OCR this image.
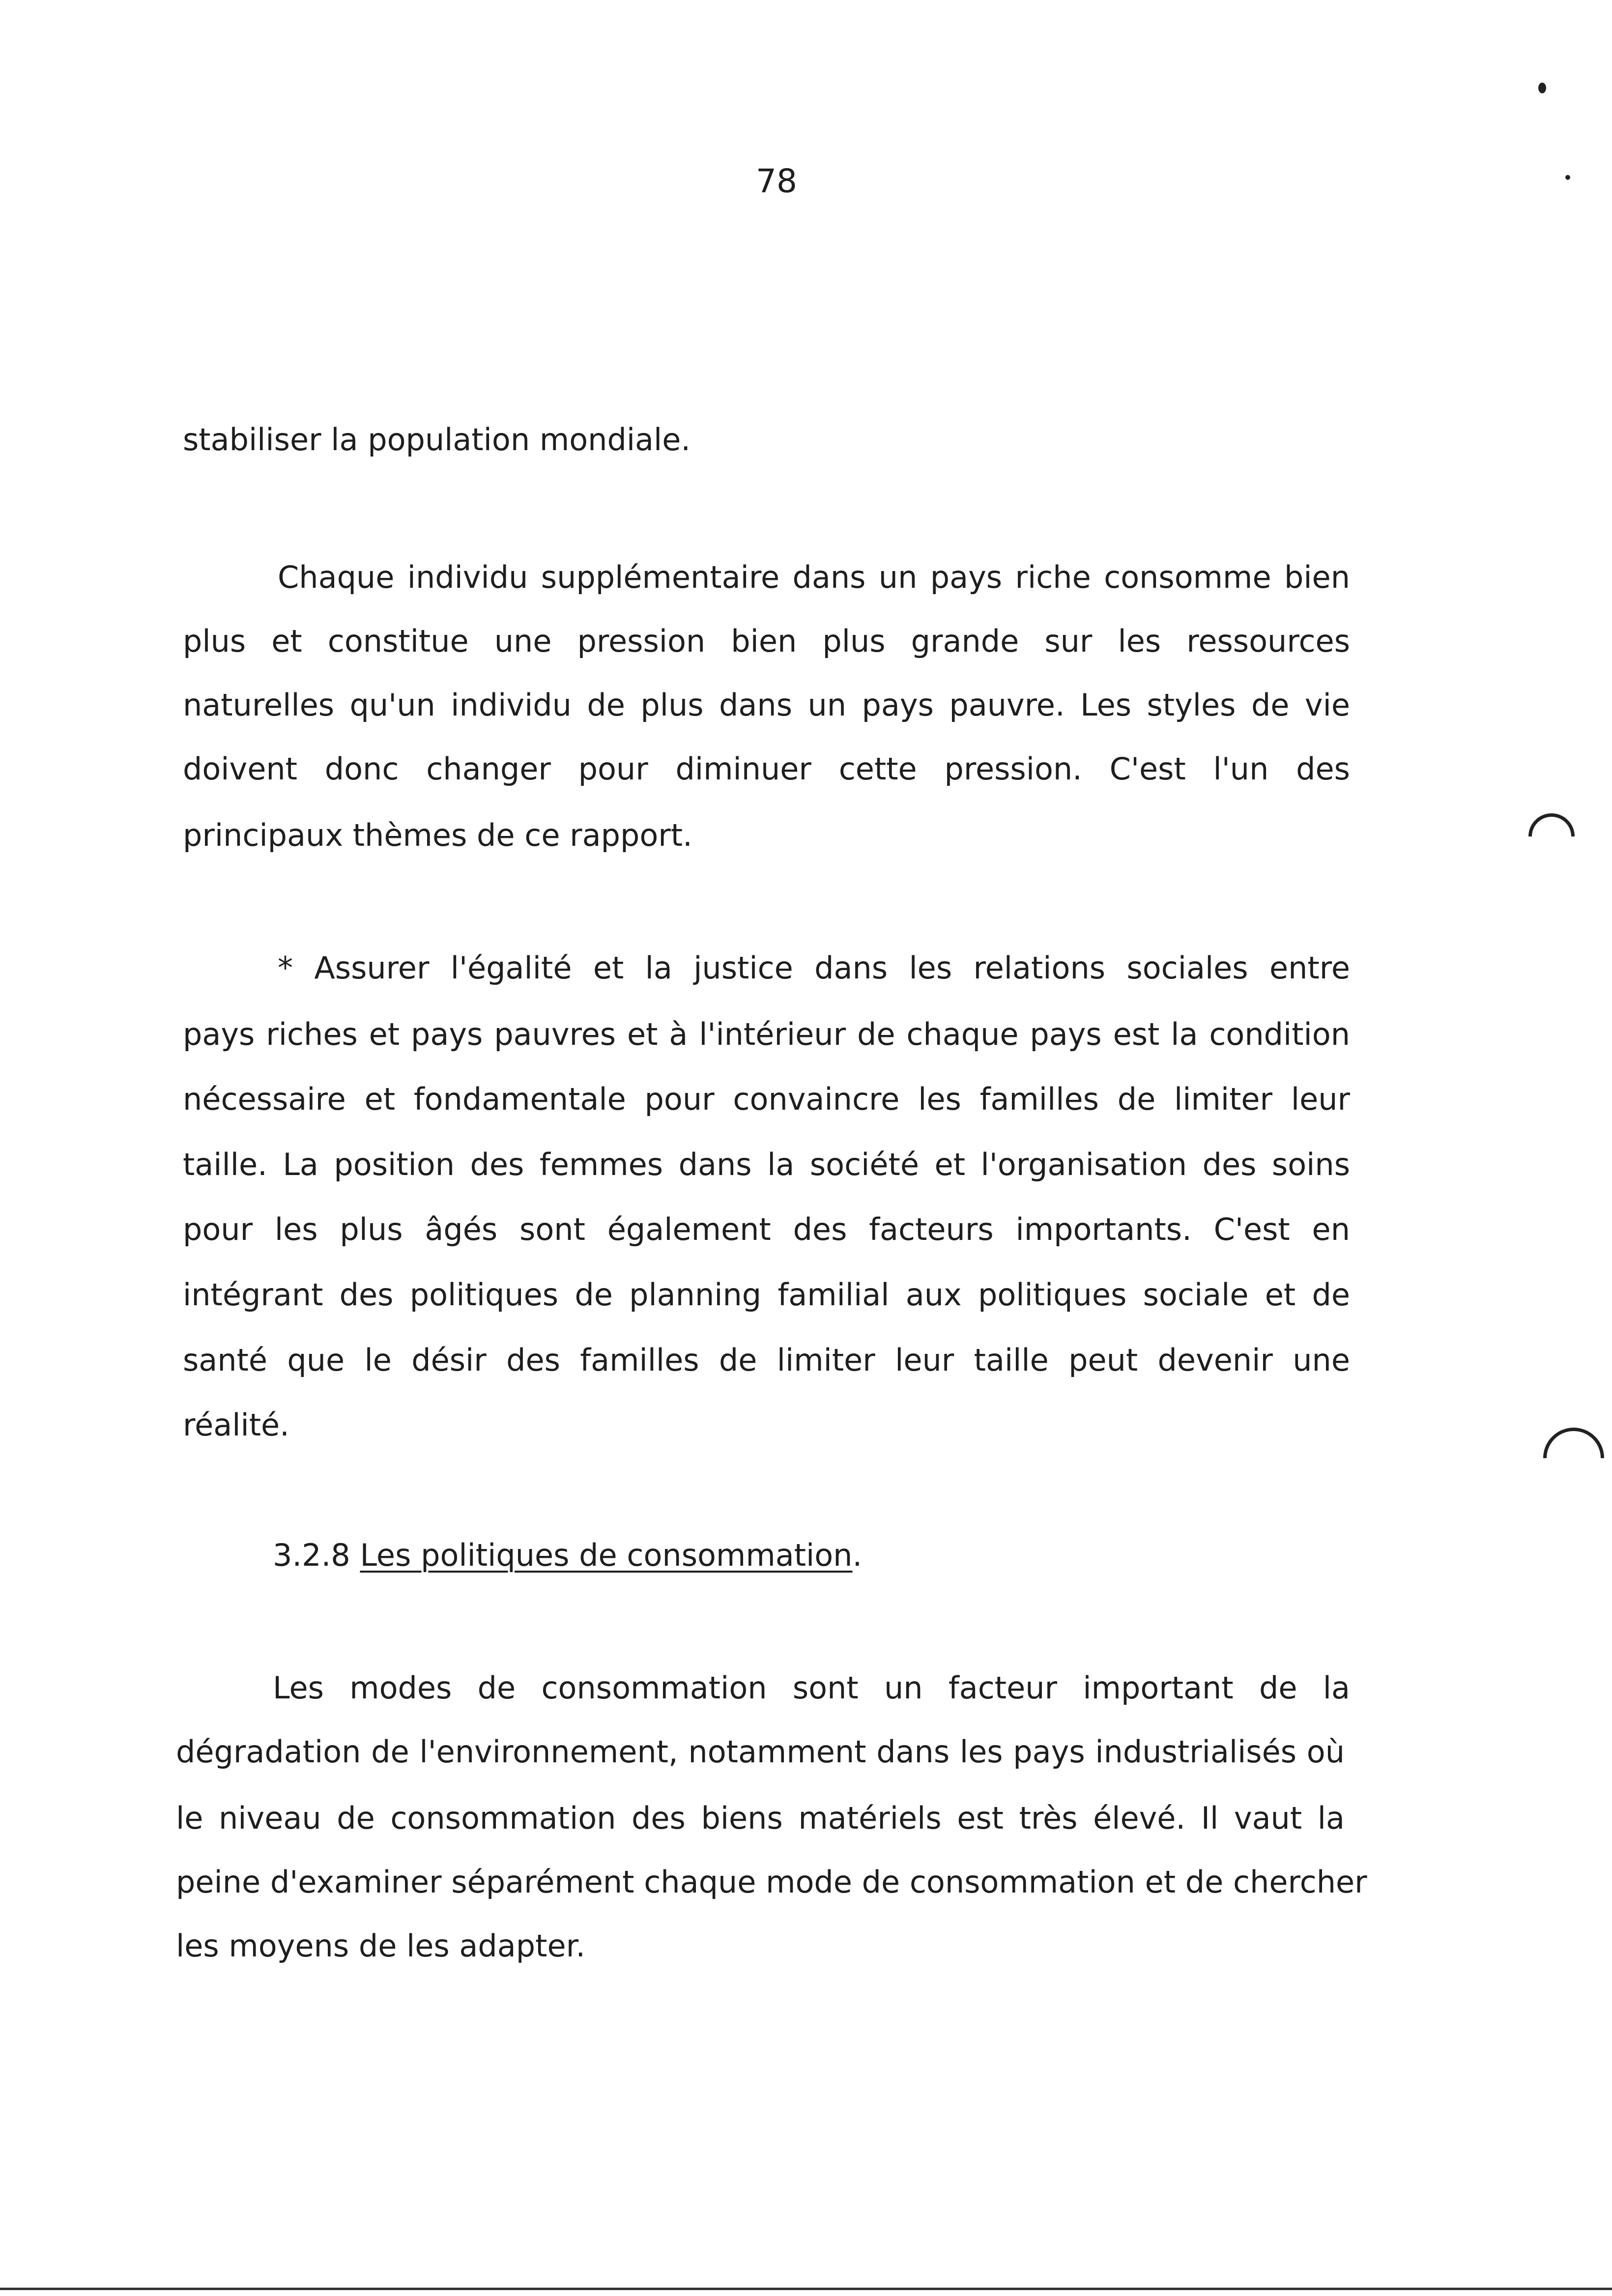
78
stabiliser la population mondiale.
Chaque individu supplémentaire dans un pays riche consomme bien
plus et constitue une pression bien plus grande sur les ressources
naturelles qu'un individu de plus dans un pays pauvre. Les styles de vie
doivent donc changer pour diminuer cette pression. C'est l'un des
principaux thèmes de ce rapport.
* Assurer l'égalité et la justice dans les relations sociales entre
pays riches et pays pauvres et à l'intérieur de chaque pays est la condition
nécessaire et fondamentale pour convaincre les familles de limiter leur
taille. La position des femmes dans la société et l'organisation des soins
pour les plus âgés sont également des facteurs importants. C'est en
intégrant des politiques de planning familial aux politiques sociale et de
santé que le désir des familles de limiter leur taille peut devenir une
réalité.
3.2.8 Les politiques de consommation.
Les modes de consommation sont un facteur important de la
dégradation de l'environnement, notamment dans les pays industrialisés où
le niveau de consommation des biens matériels est très élevé. Il vaut la
peine d'examiner séparément chaque mode de consommation et de chercher
les moyens de les adapter.
